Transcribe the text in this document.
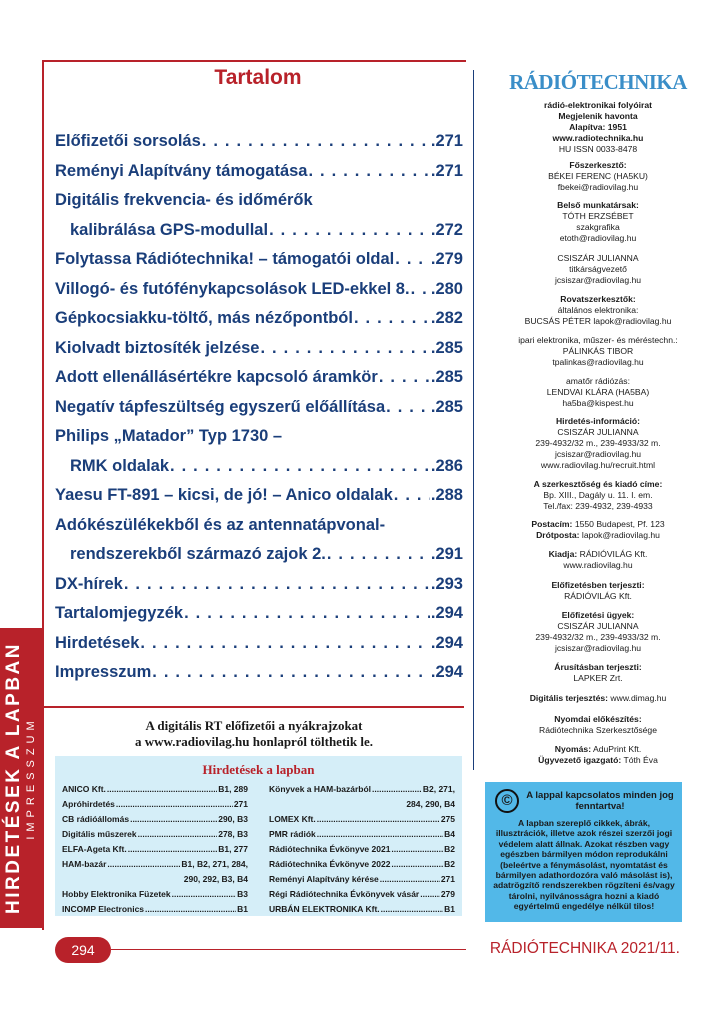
HIRDETÉSEK A LAPBAN IMPRESSZUM
Tartalom
Előfizetői sorsolás . . .	.271
Reményi Alapítvány támogatása . . .	.271
Digitális frekvencia- és időmérők
kalibrálása GPS-modullal . . .	.272
Folytassa Rádiótechnika! – támogatói oldal . . . .279
Villogó- és futófénykapcsolások LED-ekkel 8. . . . .280
Gépkocsiakku-töltő, más nézőpontból . . .	.282
Kiolvadt biztosíték jelzése . . .	.285
Adott ellenállásértékre kapcsoló áramkör . . .	.285
Negatív tápfeszültség egyszerű előállítása . . .	.285
Philips „Matador” Typ 1730 –
RMK oldalak . . .	.286
Yaesu FT-891 – kicsi, de jó! – Anico oldalak . . . .288
Adókészülékekből és az antennatápvonal-
rendszerekből származó zajok 2. . . .	.291
DX-hírek . . .	.293
Tartalomjegyzék . . .	.294
Hirdetések . . .	.294
Impresszum . . .	.294
A digitális RT előfizetői a nyákrajzokat
a www.radiovilag.hu honlapról tölthetik le.
Hirdetések a lapban
ANICO Kft. .....	B1, 289
Apróhirdetés .....	271
CB rádióállomás .....	290, B3
Digitális műszerek .....	278, B3
ELFA-Ageta Kft. .....	B1, 277
HAM-bazár .....	B1, B2, 271, 284,
290, 292, B3, B4
Hobby Elektronika Füzetek .....	B3
INCOMP Electronics .....	B1
Könyvek a HAM-bazárból .....	B2, 271,
284, 290, B4
LOMEX Kft. .....	275
PMR rádiók .....	B4
Rádiótechnika Évkönyve 2021 .....	B2
Rádiótechnika Évkönyve 2022 .....	B2
Reményi Alapítvány kérése .....	271
Régi Rádiótechnika Évkönyvek vásár .....	279
URBÁN ELEKTRONIKA Kft. .....	B1
RÁDIÓTECHNIKA
rádió-elektronikai folyóirat
Megjelenik havonta
Alapítva: 1951
www.radiotechnika.hu
HU ISSN 0033-8478
Főszerkesztő:
BÉKEI FERENC (HA5KU)
fbekei@radiovilag.hu
Belső munkatársak:
TÓTH ERZSÉBET
szakgrafika
etoth@radiovilag.hu
CSISZÁR JULIANNA
titkárságvezető
jcsiszar@radiovilag.hu
Rovatszerkesztők:
általános elektronika:
BUCSÁS PÉTER lapok@radiovilag.hu
ipari elektronika, műszer- és méréstechn.:
PÁLINKÁS TIBOR
tpalinkas@radiovilag.hu
amatőr rádiózás:
LENDVAI KLÁRA (HA5BA)
ha5ba@kispest.hu
Hirdetés-információ:
CSISZÁR JULIANNA
239-4932/32 m., 239-4933/32 m.
jcsiszar@radiovilag.hu
www.radiovilag.hu/recruit.html
A szerkesztőség és kiadó címe:
Bp. XIII., Dagály u. 11. I. em.
Tel./fax: 239-4932, 239-4933
Postacím: 1550 Budapest, Pf. 123
Drótposta: lapok@radiovilag.hu
Kiadja: RÁDIÓVILÁG Kft.
www.radiovilag.hu
Előfizetésben terjeszti:
RÁDIÓVILÁG Kft.
Előfizetési ügyek:
CSISZÁR JULIANNA
239-4932/32 m., 239-4933/32 m.
jcsiszar@radiovilag.hu
Árusításban terjeszti:
LAPKER Zrt.
Digitális terjesztés: www.dimag.hu
Nyomdai előkészítés:
Rádiótechnika Szerkesztősége
Nyomás: AduPrint Kft.
Ügyvezető igazgató: Tóth Éva
©	A lappal kapcsolatos minden jog fenntartva!
A lapban szereplő cikkek, ábrák, illusztrációk, illetve azok részei szerzői jogi védelem alatt állnak. Azokat részben vagy egészben bármilyen módon reprodukálni (beleértve a fénymásolást, nyomtatást és bármilyen adathordozóra való másolást is), adatrögzítő rendszerekben rögzíteni és/vagy tárolni, nyilvánosságra hozni a kiadó egyértelmű engedélye nélkül tilos!
294	RÁDIÓTECHNIKA 2021/11.
